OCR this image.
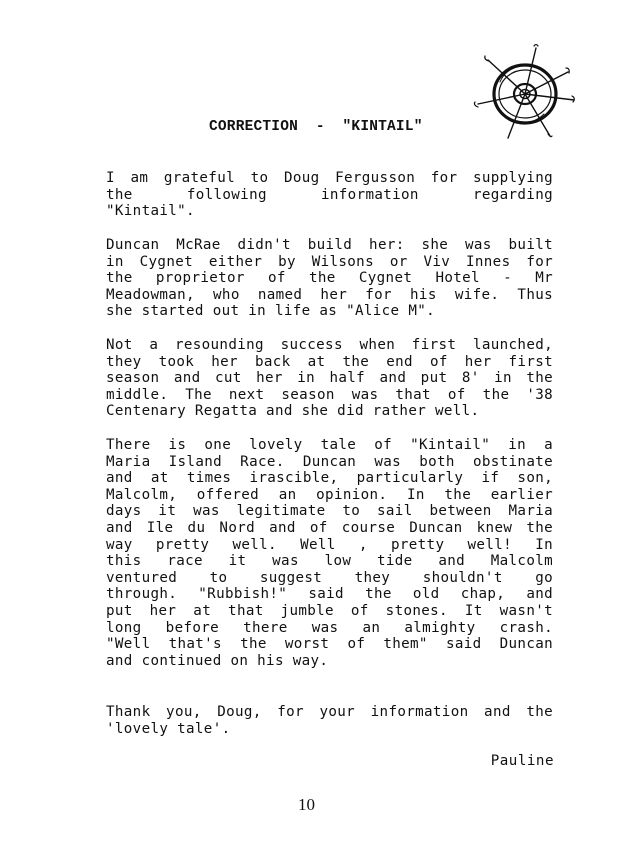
CORRECTION  -  "KINTAIL"
I am grateful to Doug Fergusson for supplying
the following information regarding
"Kintail".
Duncan McRae didn't build her: she was built
in Cygnet either by Wilsons or Viv Innes for
the proprietor of the Cygnet Hotel - Mr
Meadowman, who named her for his wife. Thus
she started out in life as "Alice M".
Not a resounding success when first launched,
they took her back at the end of her first
season and cut her in half and put 8' in the
middle. The next season was that of the '38
Centenary Regatta and she did rather well.
There is one lovely tale of "Kintail" in a
Maria Island Race. Duncan was both obstinate
and at times irascible, particularly if son,
Malcolm, offered an opinion. In the earlier
days it was legitimate to sail between Maria
and Ile du Nord and of course Duncan knew the
way pretty well. Well , pretty well! In
this race it was low tide and Malcolm
ventured to suggest they shouldn't go
through. "Rubbish!" said the old chap, and
put her at that jumble of stones. It wasn't
long before there was an almighty crash.
"Well that's the worst of them" said Duncan
and continued on his way.
Thank you, Doug, for your information and the
'lovely tale'.
Pauline
10
